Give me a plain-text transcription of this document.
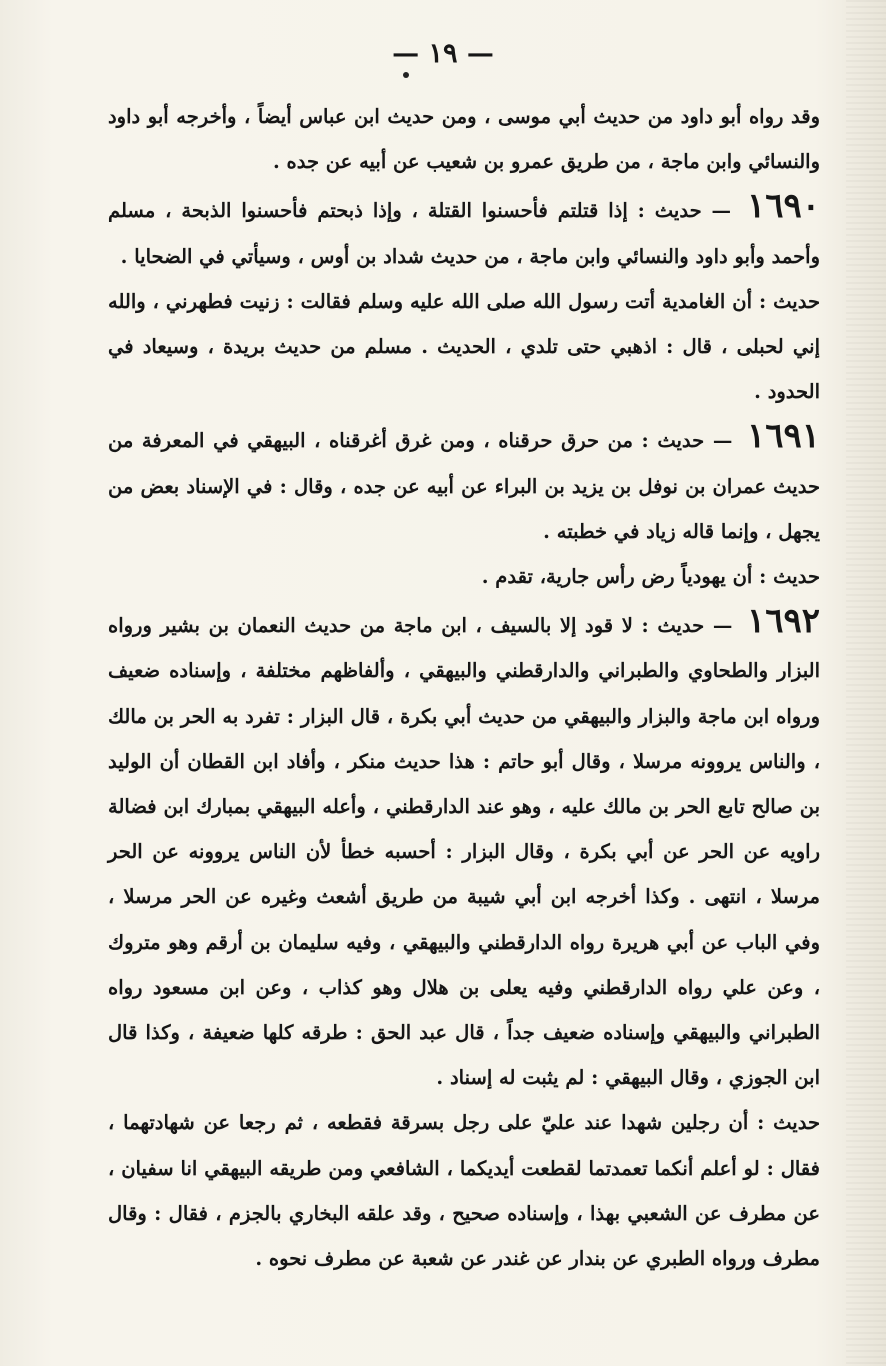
— ١٩ —

وقد رواه أبو داود من حديث أبي موسى ، ومن حديث ابن عباس أيضاً ، وأخرجه أبو داود والنسائي وابن ماجة ، من طريق عمرو بن شعيب عن أبيه عن جده .

١٦٩٠ — حديث : إذا قتلتم فأحسنوا القتلة ، وإذا ذبحتم فأحسنوا الذبحة ، مسلم وأحمد وأبو داود والنسائي وابن ماجة ، من حديث شداد بن أوس ، وسيأتي في الضحايا .

حديث : أن الغامدية أتت رسول الله صلى الله عليه وسلم فقالت : زنيت فطهرني ، والله إني لحبلى ، قال : اذهبي حتى تلدي ، الحديث . مسلم من حديث بريدة ، وسيعاد في الحدود .

١٦٩١ — حديث : من حرق حرقناه ، ومن غرق أغرقناه ، البيهقي في المعرفة من حديث عمران بن نوفل بن يزيد بن البراء عن أبيه عن جده ، وقال : في الإسناد بعض من يجهل ، وإنما قاله زياد في خطبته .

حديث : أن يهودياً رض رأس جارية، تقدم .

١٦٩٢ — حديث : لا قود إلا بالسيف ، ابن ماجة من حديث النعمان بن بشير ورواه البزار والطحاوي والطبراني والدارقطني والبيهقي ، وألفاظهم مختلفة ، وإسناده ضعيف ورواه ابن ماجة والبزار والبيهقي من حديث أبي بكرة ، قال البزار : تفرد به الحر بن مالك ، والناس يروونه مرسلا ، وقال أبو حاتم : هذا حديث منكر ، وأفاد ابن القطان أن الوليد بن صالح تابع الحر بن مالك عليه ، وهو عند الدارقطني ، وأعله البيهقي بمبارك ابن فضالة راويه عن الحر عن أبي بكرة ، وقال البزار : أحسبه خطأ لأن الناس يروونه عن الحر مرسلا ، انتهى . وكذا أخرجه ابن أبي شيبة من طريق أشعث وغيره عن الحر مرسلا ، وفي الباب عن أبي هريرة رواه الدارقطني والبيهقي ، وفيه سليمان بن أرقم وهو متروك ، وعن علي رواه الدارقطني وفيه يعلى بن هلال وهو كذاب ، وعن ابن مسعود رواه الطبراني والبيهقي وإسناده ضعيف جداً ، قال عبد الحق : طرقه كلها ضعيفة ، وكذا قال ابن الجوزي ، وقال البيهقي : لم يثبت له إسناد .

حديث : أن رجلين شهدا عند عليّ على رجل بسرقة فقطعه ، ثم رجعا عن شهادتهما ، فقال : لو أعلم أنكما تعمدتما لقطعت أيديكما ، الشافعي ومن طريقه البيهقي انا سفيان ، عن مطرف عن الشعبي بهذا ، وإسناده صحيح ، وقد علقه البخاري بالجزم ، فقال : وقال مطرف ورواه الطبري عن بندار عن غندر عن شعبة عن مطرف نحوه .
